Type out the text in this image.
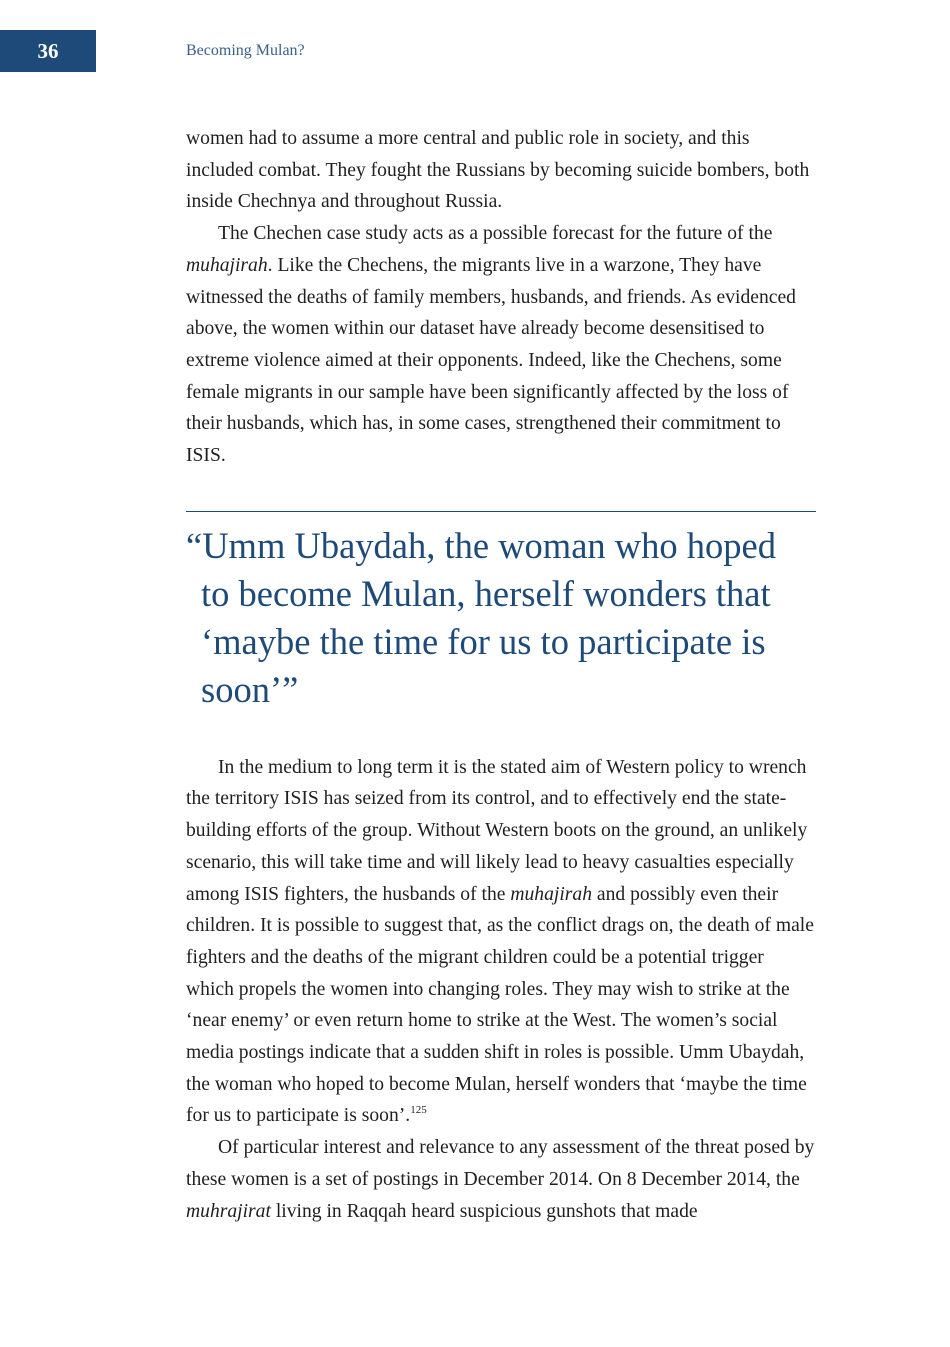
36	Becoming Mulan?

women had to assume a more central and public role in society, and this included combat. They fought the Russians by becoming suicide bombers, both inside Chechnya and throughout Russia.

The Chechen case study acts as a possible forecast for the future of the muhajirah. Like the Chechens, the migrants live in a warzone, They have witnessed the deaths of family members, husbands, and friends. As evidenced above, the women within our dataset have already become desensitised to extreme violence aimed at their opponents. Indeed, like the Chechens, some female migrants in our sample have been significantly affected by the loss of their husbands, which has, in some cases, strengthened their commitment to ISIS.

“Umm Ubaydah, the woman who hoped to become Mulan, herself wonders that ‘maybe the time for us to participate is soon’”

In the medium to long term it is the stated aim of Western policy to wrench the territory ISIS has seized from its control, and to effectively end the state-building efforts of the group. Without Western boots on the ground, an unlikely scenario, this will take time and will likely lead to heavy casualties especially among ISIS fighters, the husbands of the muhajirah and possibly even their children. It is possible to suggest that, as the conflict drags on, the death of male fighters and the deaths of the migrant children could be a potential trigger which propels the women into changing roles. They may wish to strike at the ‘near enemy’ or even return home to strike at the West. The women’s social media postings indicate that a sudden shift in roles is possible. Umm Ubaydah, the woman who hoped to become Mulan, herself wonders that ‘maybe the time for us to participate is soon’.$^{125}$

Of particular interest and relevance to any assessment of the threat posed by these women is a set of postings in December 2014. On 8 December 2014, the muhrajirat living in Raqqah heard suspicious gunshots that made
